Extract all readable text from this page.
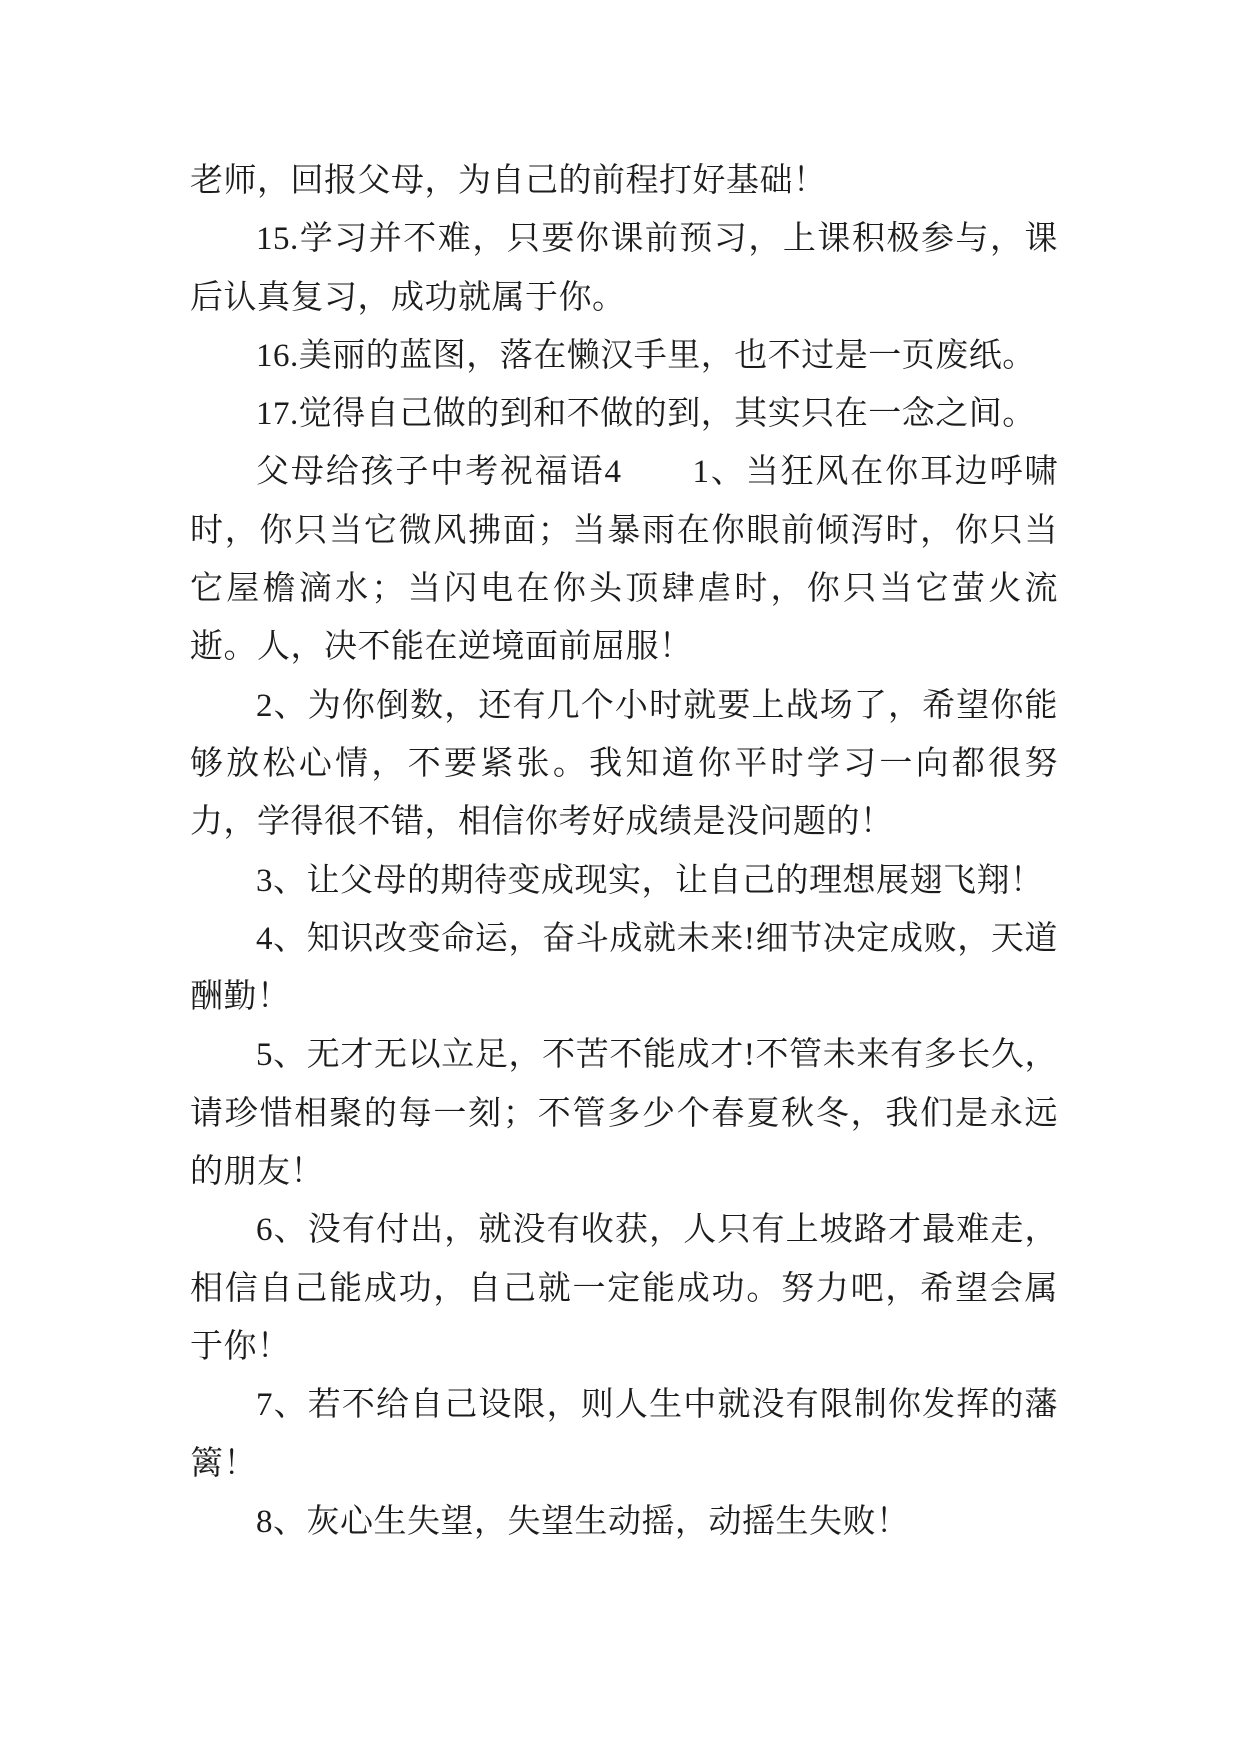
老师，回报父母，为自己的前程打好基础！

15.学习并不难，只要你课前预习，上课积极参与，课后认真复习，成功就属于你。

16.美丽的蓝图，落在懒汉手里，也不过是一页废纸。

17.觉得自己做的到和不做的到，其实只在一念之间。

父母给孩子中考祝福语4　　1、当狂风在你耳边呼啸时，你只当它微风拂面；当暴雨在你眼前倾泻时，你只当它屋檐滴水；当闪电在你头顶肆虐时，你只当它萤火流逝。人，决不能在逆境面前屈服！

2、为你倒数，还有几个小时就要上战场了，希望你能够放松心情，不要紧张。我知道你平时学习一向都很努力，学得很不错，相信你考好成绩是没问题的！

3、让父母的期待变成现实，让自己的理想展翅飞翔！

4、知识改变命运，奋斗成就未来!细节决定成败，天道酬勤！

5、无才无以立足，不苦不能成才!不管未来有多长久，请珍惜相聚的每一刻；不管多少个春夏秋冬，我们是永远的朋友！

6、没有付出，就没有收获，人只有上坡路才最难走，相信自己能成功，自己就一定能成功。努力吧，希望会属于你！

7、若不给自己设限，则人生中就没有限制你发挥的藩篱！

8、灰心生失望，失望生动摇，动摇生失败！
